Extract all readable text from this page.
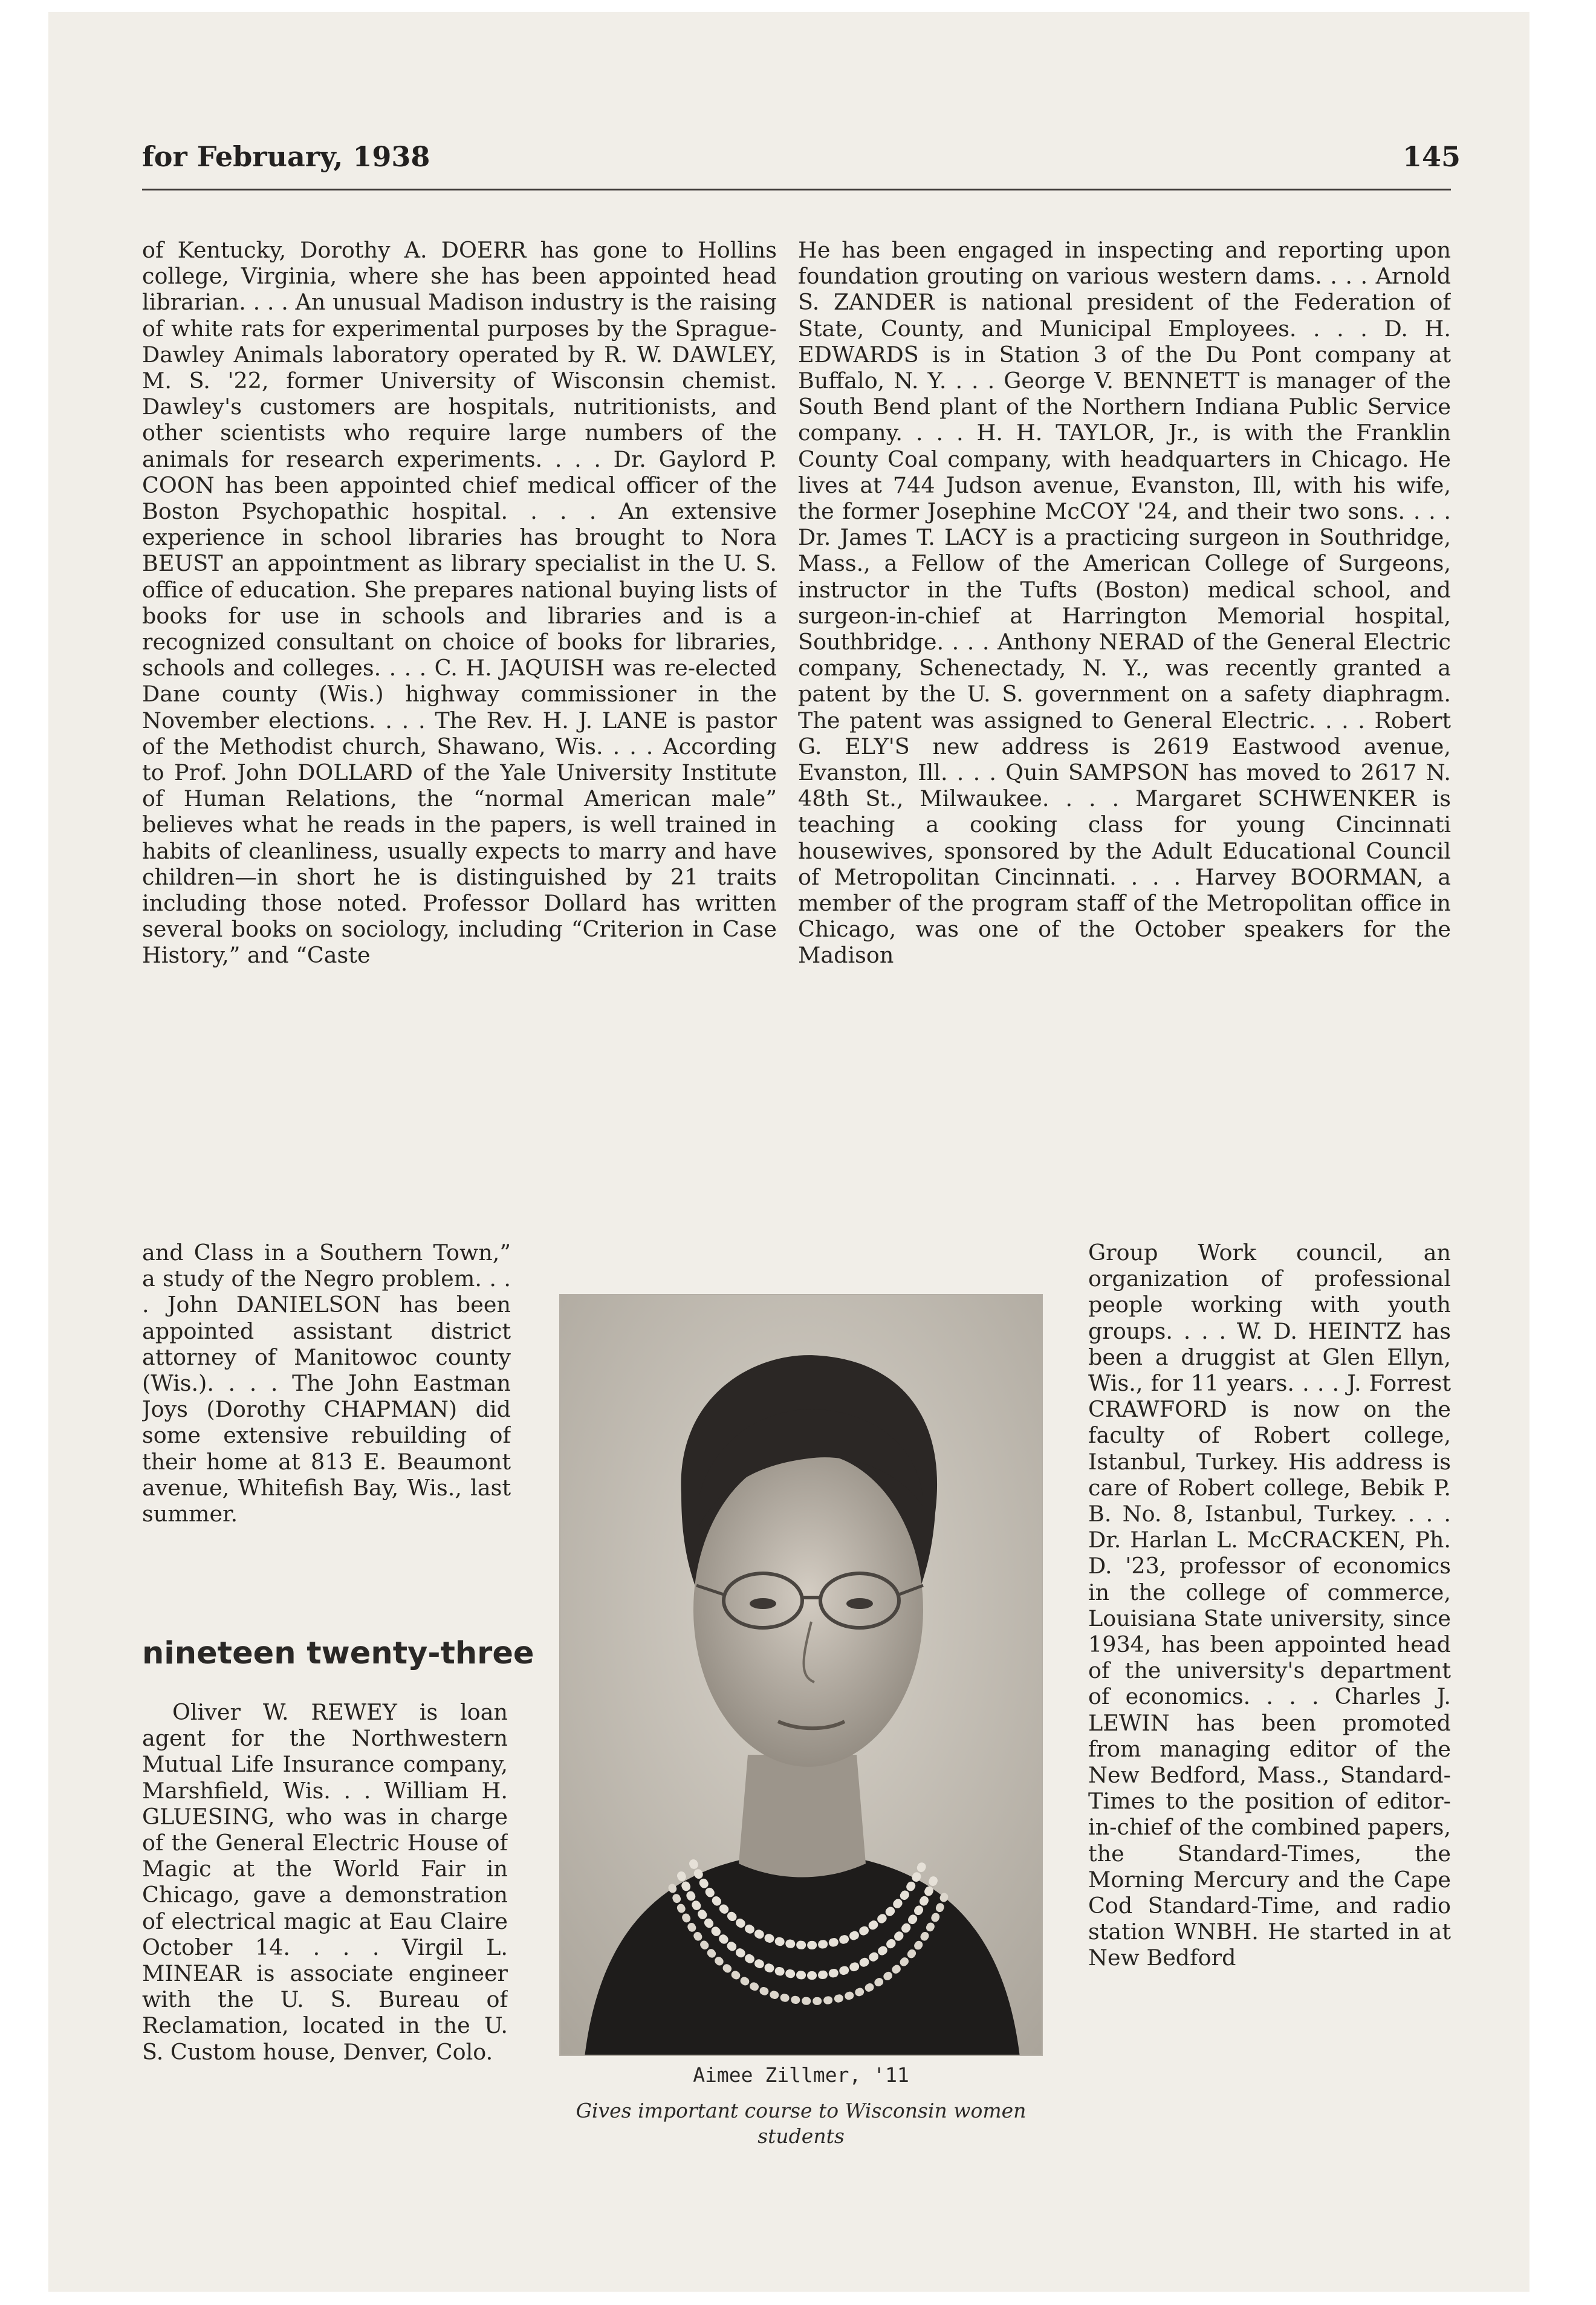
for February, 1938	145
of Kentucky, Dorothy A. DOERR has gone to Hollins college, Virginia, where she has been appointed head librarian. . . . An unusual Madison industry is the raising of white rats for experimental purposes by the Sprague-Dawley Animals laboratory operated by R. W. DAWLEY, M. S. '22, former University of Wisconsin chemist. Dawley's customers are hospitals, nutritionists, and other scientists who require large numbers of the animals for research experiments. . . . Dr. Gaylord P. COON has been appointed chief medical officer of the Boston Psychopathic hospital. . . . An extensive experience in school libraries has brought to Nora BEUST an appointment as library specialist in the U. S. office of education. She prepares national buying lists of books for use in schools and libraries and is a recognized consultant on choice of books for libraries, schools and colleges. . . . C. H. JAQUISH was re-elected Dane county (Wis.) highway commissioner in the November elections. . . . The Rev. H. J. LANE is pastor of the Methodist church, Shawano, Wis. . . . According to Prof. John DOLLARD of the Yale University Institute of Human Relations, the “normal American male” believes what he reads in the papers, is well trained in habits of cleanliness, usually expects to marry and have children—in short he is distinguished by 21 traits including those noted. Professor Dollard has written several books on sociology, including “Criterion in Case History,” and “Caste
and Class in a Southern Town,” a study of the Negro problem. . . . John DANIELSON has been appointed assistant district attorney of Manitowoc county (Wis.). . . . The John Eastman Joys (Dorothy CHAPMAN) did some extensive rebuilding of their home at 813 E. Beaumont avenue, Whitefish Bay, Wis., last summer.
nineteen twenty-three
Oliver W. REWEY is loan agent for the Northwestern Mutual Life Insurance company, Marshfield, Wis. . . William H. GLUESING, who was in charge of the General Electric House of Magic at the World Fair in Chicago, gave a demonstration of electrical magic at Eau Claire October 14. . . . Virgil L. MINEAR is associate engineer with the U. S. Bureau of Reclamation, located in the U. S. Custom house, Denver, Colo.
He has been engaged in inspecting and reporting upon foundation grouting on various western dams. . . . Arnold S. ZANDER is national president of the Federation of State, County, and Municipal Employees. . . . D. H. EDWARDS is in Station 3 of the Du Pont company at Buffalo, N. Y. . . . George V. BENNETT is manager of the South Bend plant of the Northern Indiana Public Service company. . . . H. H. TAYLOR, Jr., is with the Franklin County Coal company, with headquarters in Chicago. He lives at 744 Judson avenue, Evanston, Ill, with his wife, the former Josephine McCOY '24, and their two sons. . . . Dr. James T. LACY is a practicing surgeon in Southridge, Mass., a Fellow of the American College of Surgeons, instructor in the Tufts (Boston) medical school, and surgeon-in-chief at Harrington Memorial hospital, Southbridge. . . . Anthony NERAD of the General Electric company, Schenectady, N. Y., was recently granted a patent by the U. S. government on a safety diaphragm. The patent was assigned to General Electric. . . . Robert G. ELY'S new address is 2619 Eastwood avenue, Evanston, Ill. . . . Quin SAMPSON has moved to 2617 N. 48th St., Milwaukee. . . . Margaret SCHWENKER is teaching a cooking class for young Cincinnati housewives, sponsored by the Adult Educational Council of Metropolitan Cincinnati. . . . Harvey BOORMAN, a member of the program staff of the Metropolitan office in Chicago, was one of the October speakers for the Madison
Group Work council, an organization of professional people working with youth groups. . . . W. D. HEINTZ has been a druggist at Glen Ellyn, Wis., for 11 years. . . . J. Forrest CRAWFORD is now on the faculty of Robert college, Istanbul, Turkey. His address is care of Robert college, Bebik P. B. No. 8, Istanbul, Turkey. . . . Dr. Harlan L. McCRACKEN, Ph. D. '23, professor of economics in the college of commerce, Louisiana State university, since 1934, has been appointed head of the university's department of economics. . . . Charles J. LEWIN has been promoted from managing editor of the New Bedford, Mass., Standard-Times to the position of editor-in-chief of the combined papers, the Standard-Times, the Morning Mercury and the Cape Cod Standard-Time, and radio station WNBH. He started in at New Bedford
Aimee Zillmer, '11
Gives important course to Wisconsin women students
